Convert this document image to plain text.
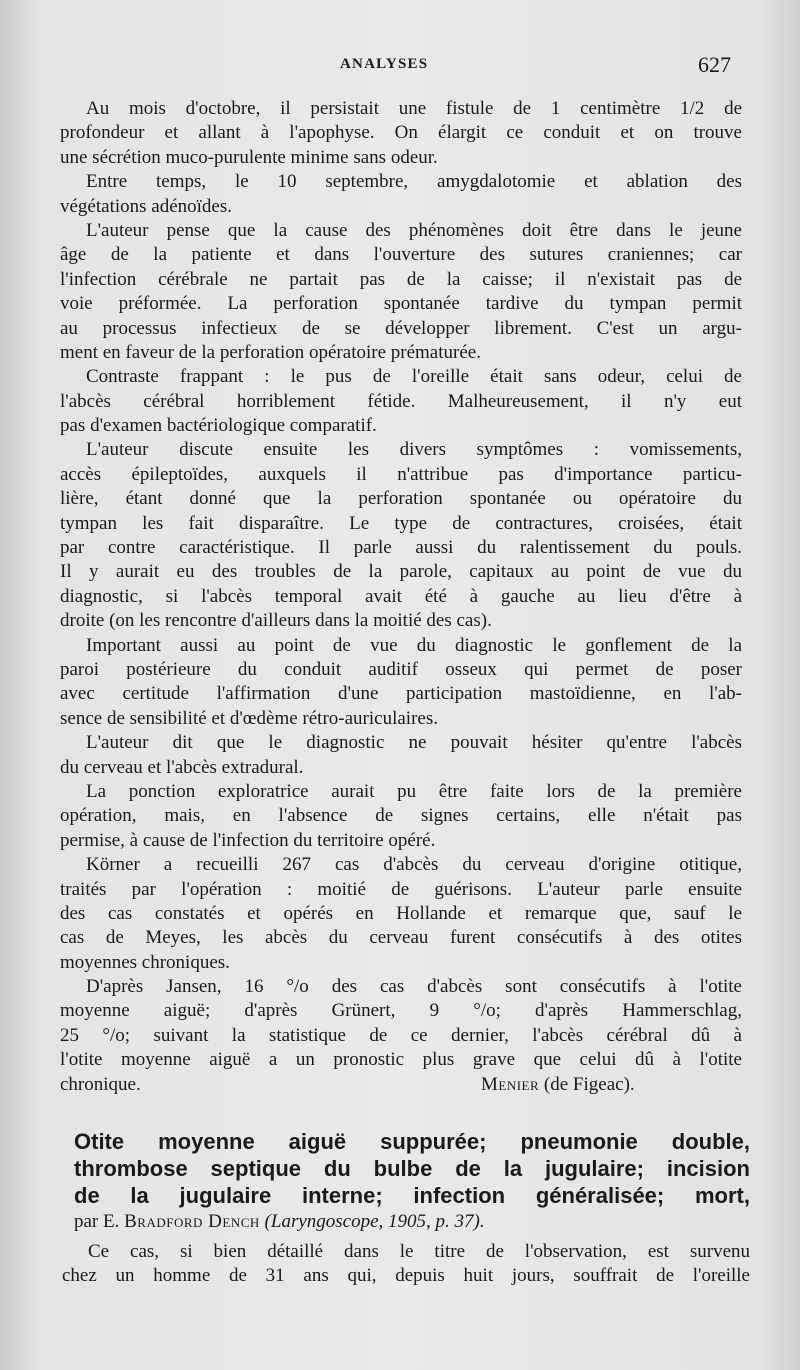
ANALYSES	627
Au mois d'octobre, il persistait une fistule de 1 centimètre 1/2 de
profondeur et allant à l'apophyse. On élargit ce conduit et on trouve
une sécrétion muco-purulente minime sans odeur.
Entre temps, le 10 septembre, amygdalotomie et ablation des
végétations adénoïdes.
L'auteur pense que la cause des phénomènes doit être dans le jeune
âge de la patiente et dans l'ouverture des sutures craniennes; car
l'infection cérébrale ne partait pas de la caisse; il n'existait pas de
voie préformée. La perforation spontanée tardive du tympan permit
au processus infectieux de se développer librement. C'est un argu-
ment en faveur de la perforation opératoire prématurée.
Contraste frappant : le pus de l'oreille était sans odeur, celui de
l'abcès cérébral horriblement fétide. Malheureusement, il n'y eut
pas d'examen bactériologique comparatif.
L'auteur discute ensuite les divers symptômes : vomissements,
accès épileptoïdes, auxquels il n'attribue pas d'importance particu-
lière, étant donné que la perforation spontanée ou opératoire du
tympan les fait disparaître. Le type de contractures, croisées, était
par contre caractéristique. Il parle aussi du ralentissement du pouls.
Il y aurait eu des troubles de la parole, capitaux au point de vue du
diagnostic, si l'abcès temporal avait été à gauche au lieu d'être à
droite (on les rencontre d'ailleurs dans la moitié des cas).
Important aussi au point de vue du diagnostic le gonflement de la
paroi postérieure du conduit auditif osseux qui permet de poser
avec certitude l'affirmation d'une participation mastoïdienne, en l'ab-
sence de sensibilité et d'œdème rétro-auriculaires.
L'auteur dit que le diagnostic ne pouvait hésiter qu'entre l'abcès
du cerveau et l'abcès extradural.
La ponction exploratrice aurait pu être faite lors de la première
opération, mais, en l'absence de signes certains, elle n'était pas
permise, à cause de l'infection du territoire opéré.
Körner a recueilli 267 cas d'abcès du cerveau d'origine otitique,
traités par l'opération : moitié de guérisons. L'auteur parle ensuite
des cas constatés et opérés en Hollande et remarque que, sauf le
cas de Meyes, les abcès du cerveau furent consécutifs à des otites
moyennes chroniques.
D'après Jansen, 16 °/o des cas d'abcès sont consécutifs à l'otite
moyenne aiguë; d'après Grünert, 9 °/o; d'après Hammerschlag,
25 °/o; suivant la statistique de ce dernier, l'abcès cérébral dû à
l'otite moyenne aiguë a un pronostic plus grave que celui dû à l'otite
chronique.	Menier (de Figeac).
Otite moyenne aiguë suppurée; pneumonie double,
thrombose septique du bulbe de la jugulaire; incision
de la jugulaire interne; infection généralisée; mort,
par E. Bradford Dench (Laryngoscope, 1905, p. 37).
Ce cas, si bien détaillé dans le titre de l'observation, est survenu
chez un homme de 31 ans qui, depuis huit jours, souffrait de l'oreille
